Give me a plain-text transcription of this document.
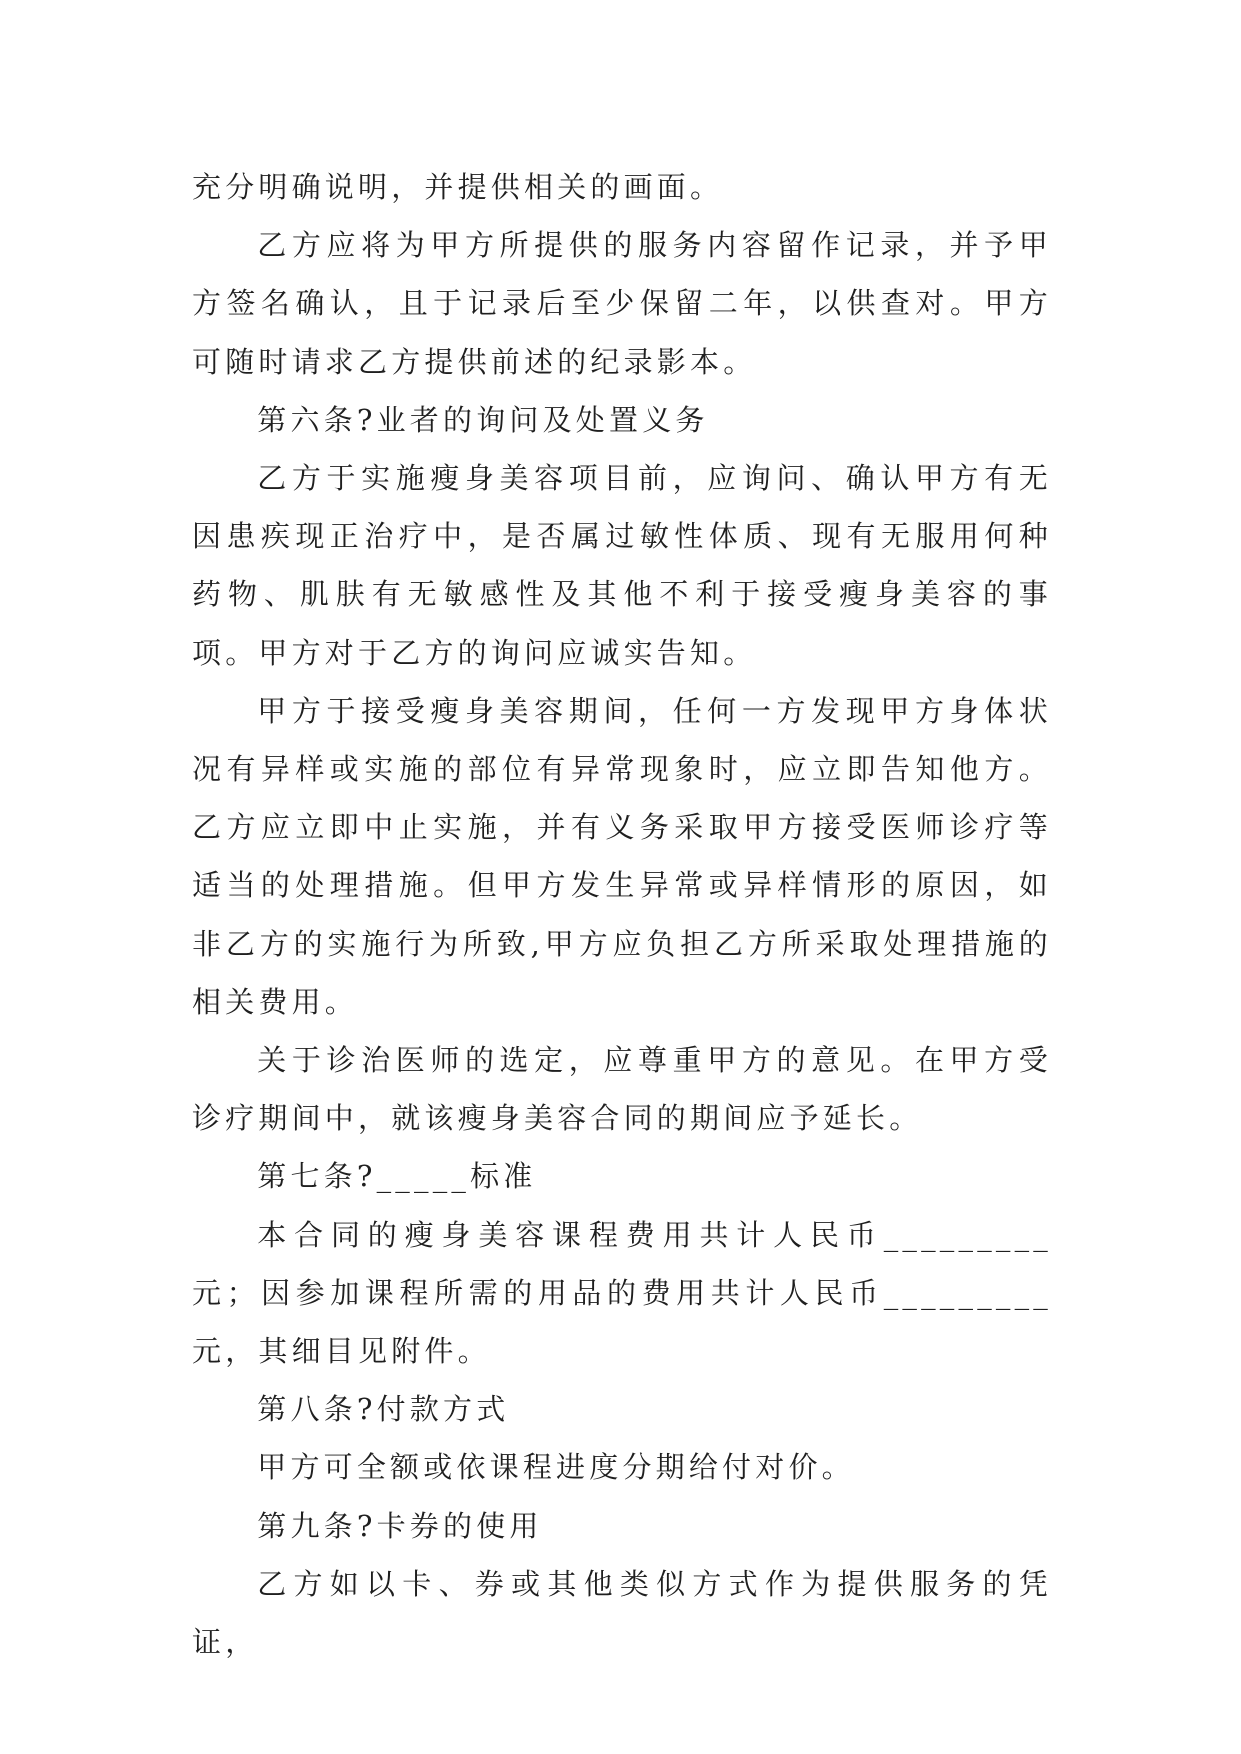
充分明确说明，并提供相关的画面。

乙方应将为甲方所提供的服务内容留作记录，并予甲方签名确认，且于记录后至少保留二年，以供查对。甲方可随时请求乙方提供前述的纪录影本。

第六条?业者的询问及处置义务

乙方于实施瘦身美容项目前，应询问、确认甲方有无因患疾现正治疗中，是否属过敏性体质、现有无服用何种药物、肌肤有无敏感性及其他不利于接受瘦身美容的事项。甲方对于乙方的询问应诚实告知。

甲方于接受瘦身美容期间，任何一方发现甲方身体状况有异样或实施的部位有异常现象时，应立即告知他方。乙方应立即中止实施，并有义务采取甲方接受医师诊疗等适当的处理措施。但甲方发生异常或异样情形的原因，如非乙方的实施行为所致,甲方应负担乙方所采取处理措施的相关费用。

关于诊治医师的选定，应尊重甲方的意见。在甲方受诊疗期间中，就该瘦身美容合同的期间应予延长。

第七条?_____标准

本合同的瘦身美容课程费用共计人民币_________元；因参加课程所需的用品的费用共计人民币_________元，其细目见附件。

第八条?付款方式

甲方可全额或依课程进度分期给付对价。

第九条?卡券的使用

乙方如以卡、券或其他类似方式作为提供服务的凭证，
